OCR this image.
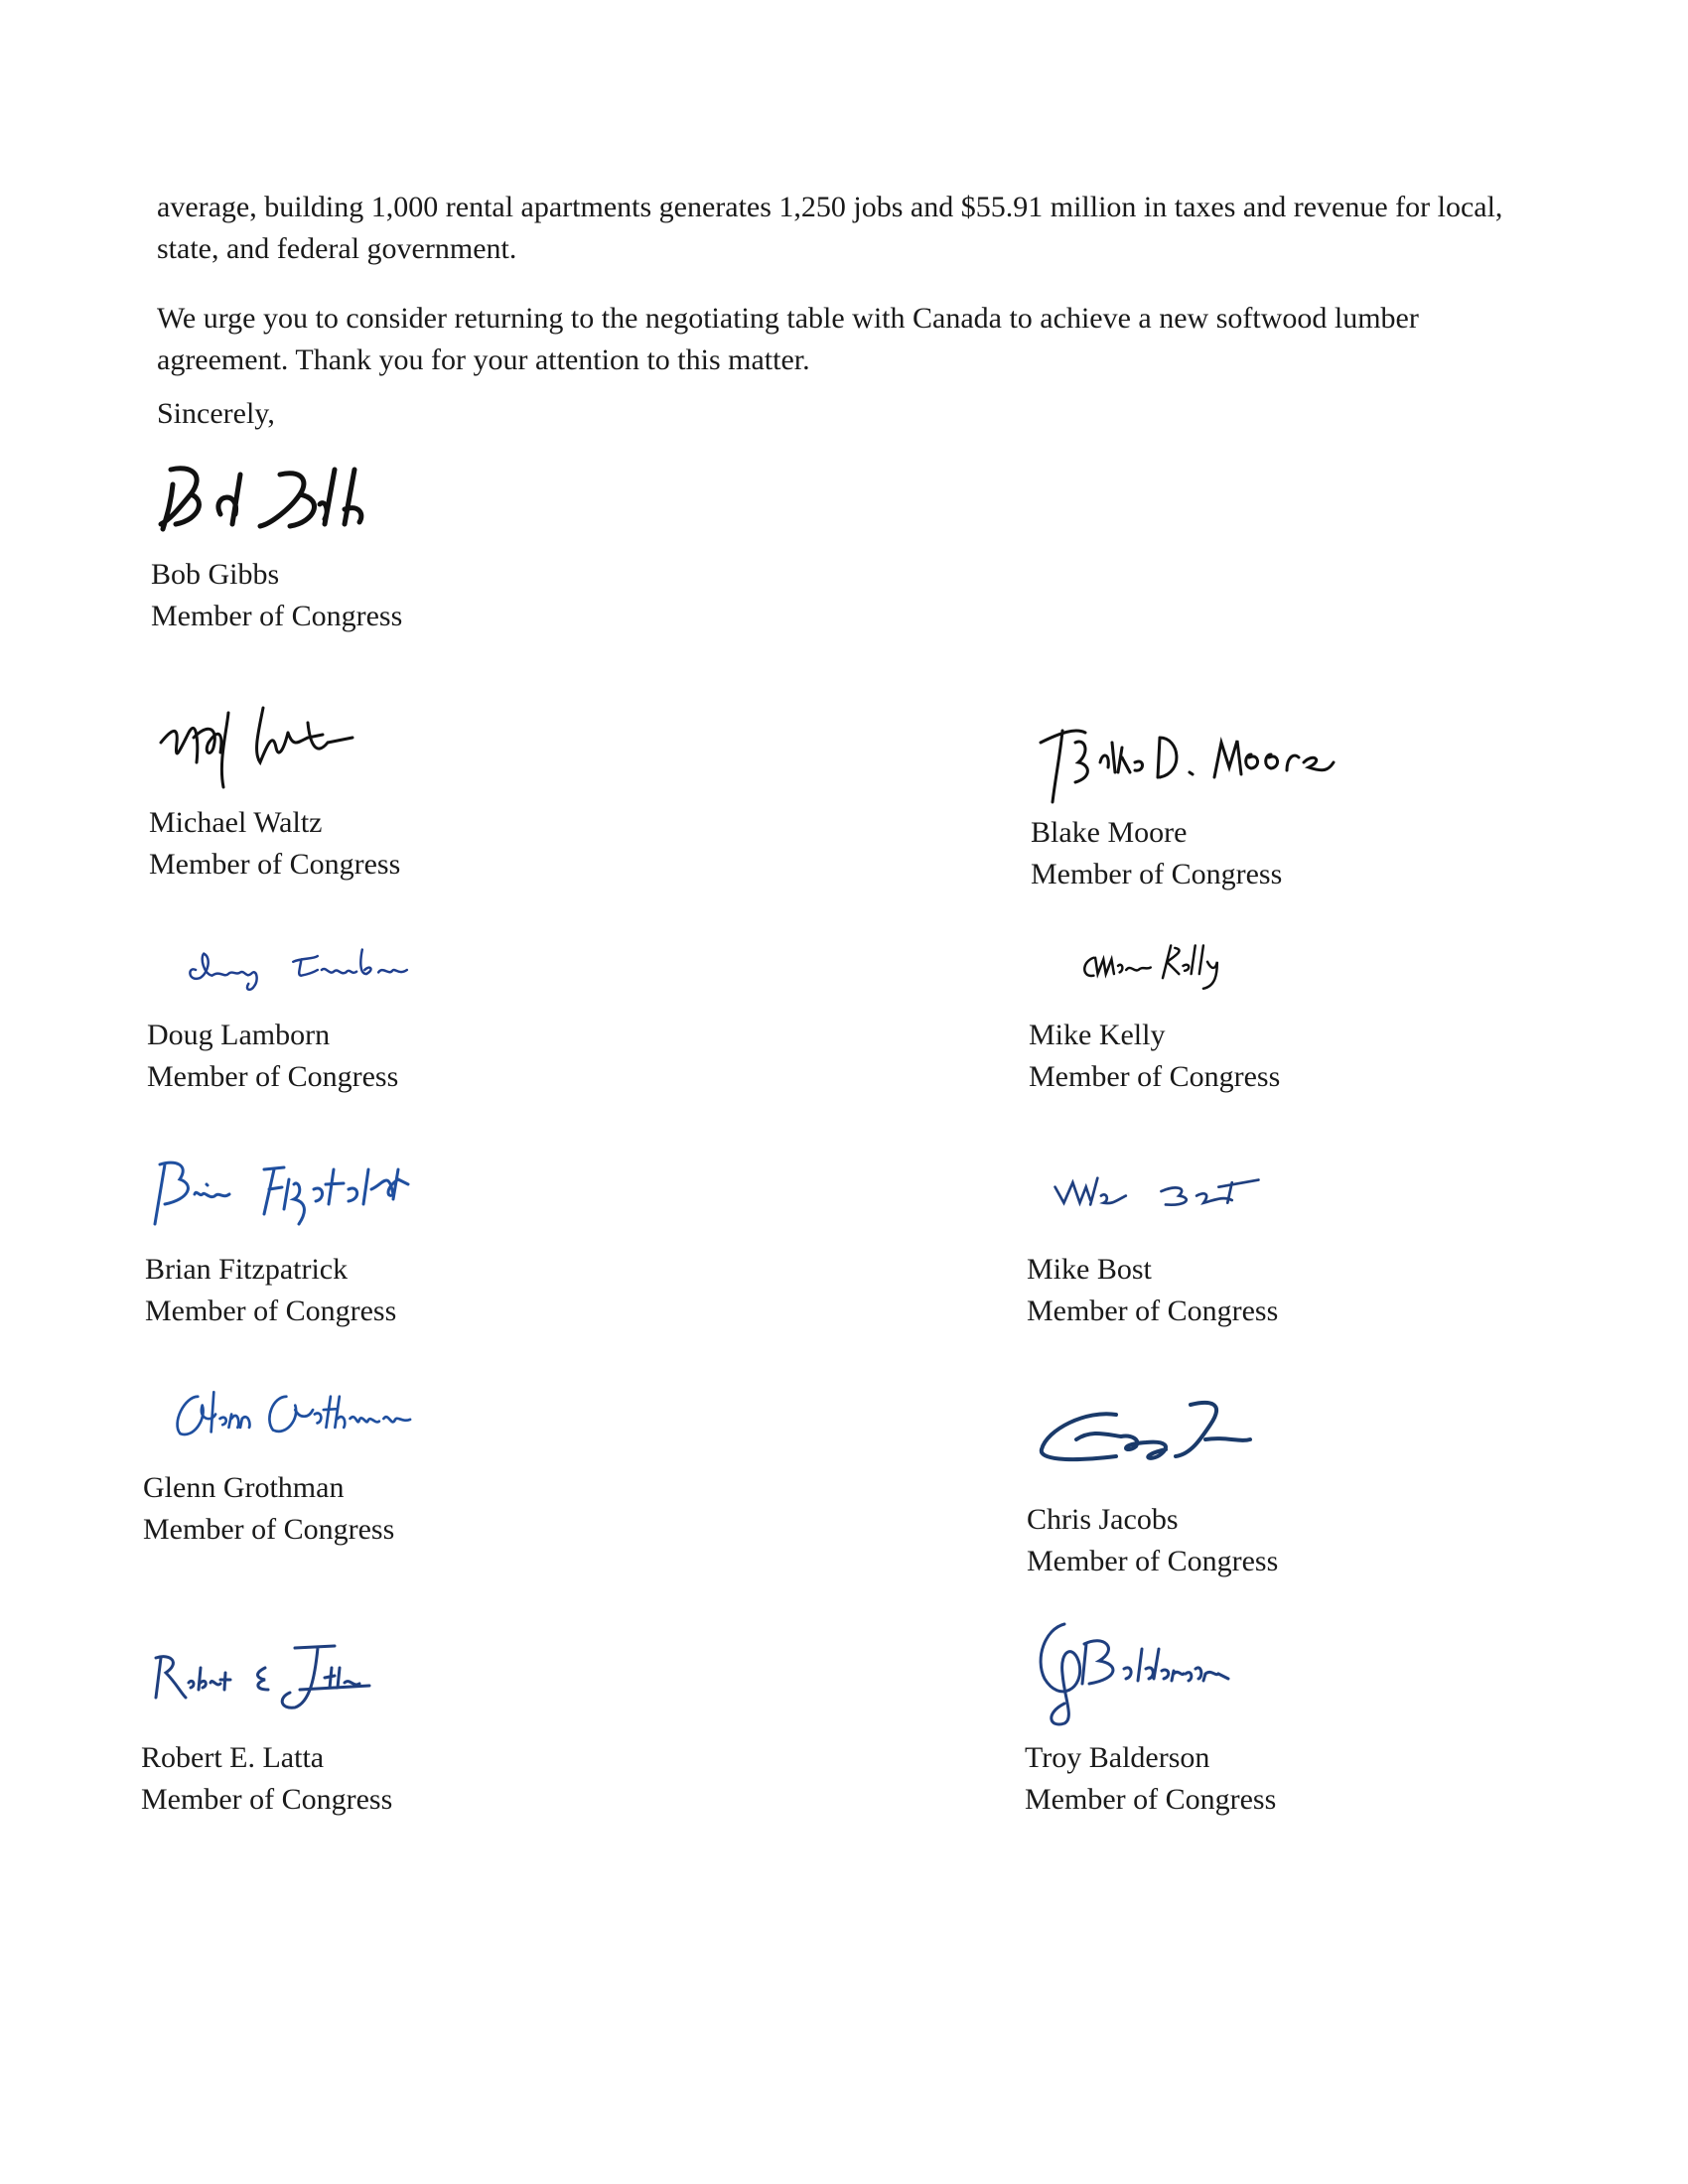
average, building 1,000 rental apartments generates 1,250 jobs and $55.91 million in taxes and revenue for local, state, and federal government.

We urge you to consider returning to the negotiating table with Canada to achieve a new softwood lumber agreement. Thank you for your attention to this matter.

Sincerely,

Bob Gibbs
Member of Congress
Michael Waltz
Member of Congress
Blake Moore
Member of Congress
Doug Lamborn
Member of Congress
Mike Kelly
Member of Congress
Brian Fitzpatrick
Member of Congress
Mike Bost
Member of Congress
Glenn Grothman
Member of Congress	Chris Jacobs
Member of Congress
Robert E. Latta
Member of Congress
Troy Balderson
Member of Congress
